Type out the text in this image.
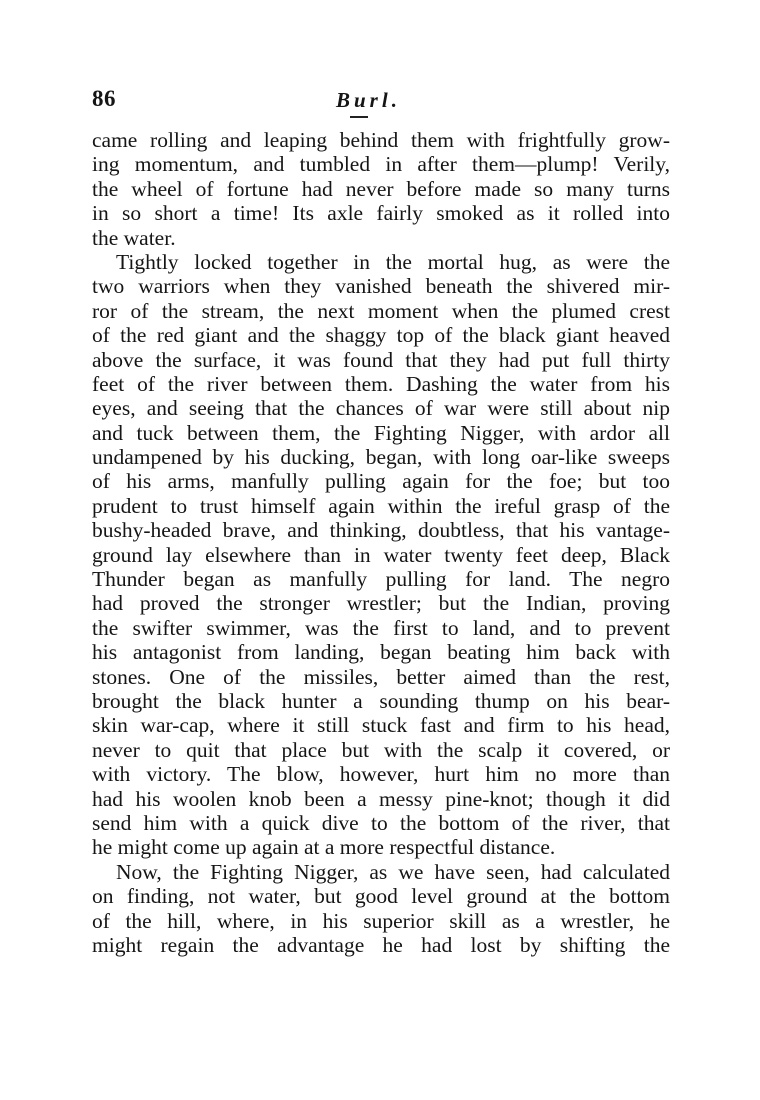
86	Burl.
came rolling and leaping behind them with frightfully grow-
ing momentum, and tumbled in after them—plump! Verily,
the wheel of fortune had never before made so many turns
in so short a time! Its axle fairly smoked as it rolled into
the water.
Tightly locked together in the mortal hug, as were the
two warriors when they vanished beneath the shivered mir-
ror of the stream, the next moment when the plumed crest
of the red giant and the shaggy top of the black giant heaved
above the surface, it was found that they had put full thirty
feet of the river between them. Dashing the water from his
eyes, and seeing that the chances of war were still about nip
and tuck between them, the Fighting Nigger, with ardor all
undampened by his ducking, began, with long oar-like sweeps
of his arms, manfully pulling again for the foe; but too
prudent to trust himself again within the ireful grasp of the
bushy-headed brave, and thinking, doubtless, that his vantage-
ground lay elsewhere than in water twenty feet deep, Black
Thunder began as manfully pulling for land. The negro
had proved the stronger wrestler; but the Indian, proving
the swifter swimmer, was the first to land, and to prevent
his antagonist from landing, began beating him back with
stones. One of the missiles, better aimed than the rest,
brought the black hunter a sounding thump on his bear-
skin war-cap, where it still stuck fast and firm to his head,
never to quit that place but with the scalp it covered, or
with victory. The blow, however, hurt him no more than
had his woolen knob been a messy pine-knot; though it did
send him with a quick dive to the bottom of the river, that
he might come up again at a more respectful distance.
Now, the Fighting Nigger, as we have seen, had calculated
on finding, not water, but good level ground at the bottom
of the hill, where, in his superior skill as a wrestler, he
might regain the advantage he had lost by shifting the
